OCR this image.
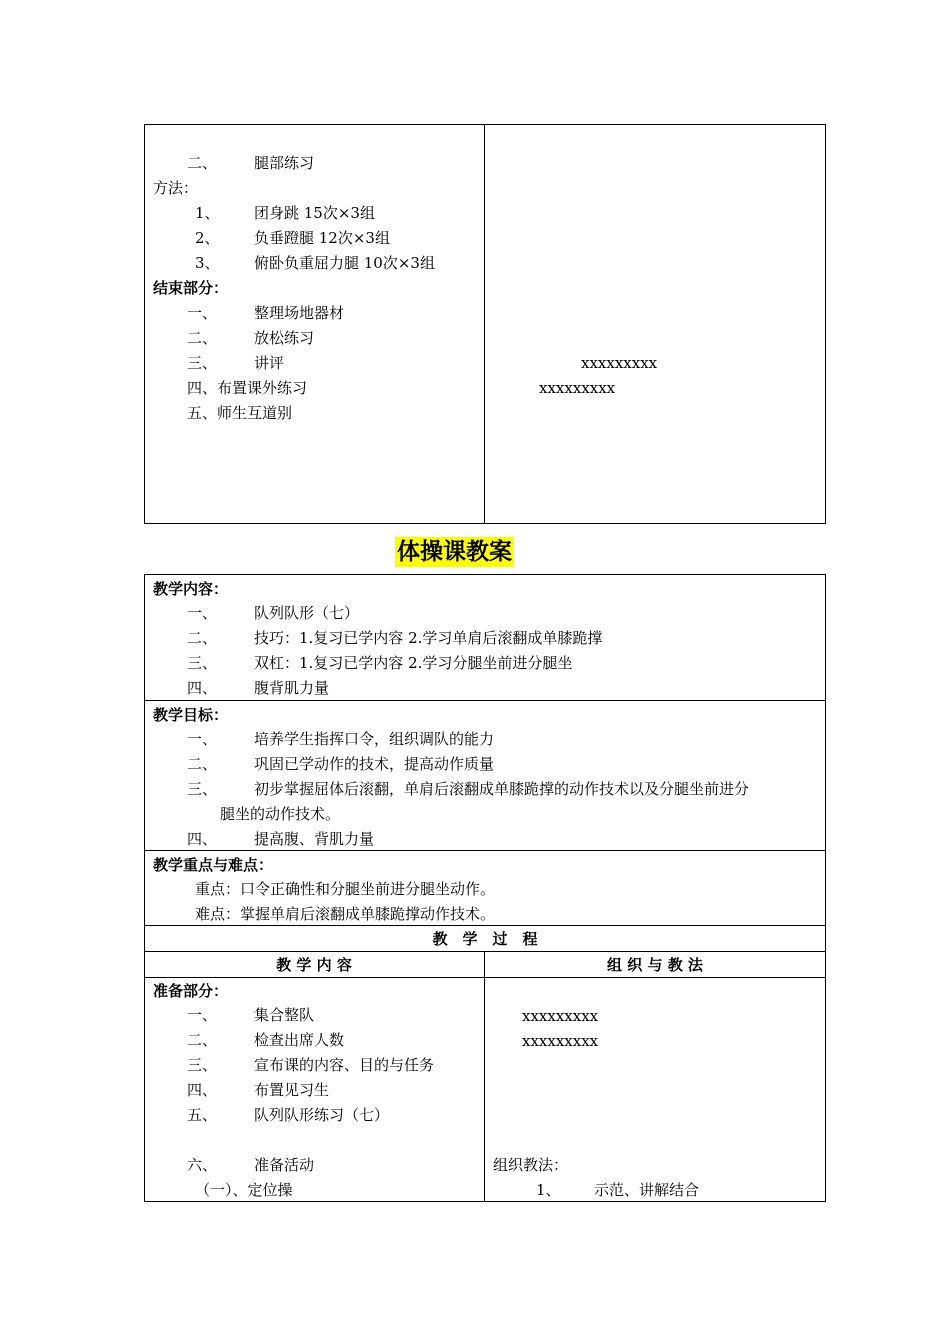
二、 腿部练习
方法：
1、 团身跳 15次×3组
2、 负垂蹬腿 12次×3组
3、 俯卧负重屈力腿 10次×3组
结束部分：
一、 整理场地器材
二、 放松练习
三、 讲评
四、布置课外练习
五、师生互道别
xxxxxxxxx
xxxxxxxxx
体操课教案
教学内容：
一、 队列队形（七）
二、 技巧：1.复习已学内容 2.学习单肩后滚翻成单膝跪撑
三、 双杠：1.复习已学内容 2.学习分腿坐前进分腿坐
四、 腹背肌力量
教学目标：
一、 培养学生指挥口令，组织调队的能力
二、 巩固已学动作的技术，提高动作质量
三、 初步掌握屈体后滚翻，单肩后滚翻成单膝跪撑的动作技术以及分腿坐前进分
腿坐的动作技术。
四、 提高腹、背肌力量
教学重点与难点：
重点：口令正确性和分腿坐前进分腿坐动作。
难点：掌握单肩后滚翻成单膝跪撑动作技术。
教　学　过　程
教 学 内 容	组 织 与 教 法
准备部分：
一、 集合整队
二、 检查出席人数
三、 宣布课的内容、目的与任务
四、 布置见习生
五、 队列队形练习（七）
六、 准备活动
（一）、定位操
xxxxxxxxx
xxxxxxxxx
组织教法：
1、 示范、讲解结合
